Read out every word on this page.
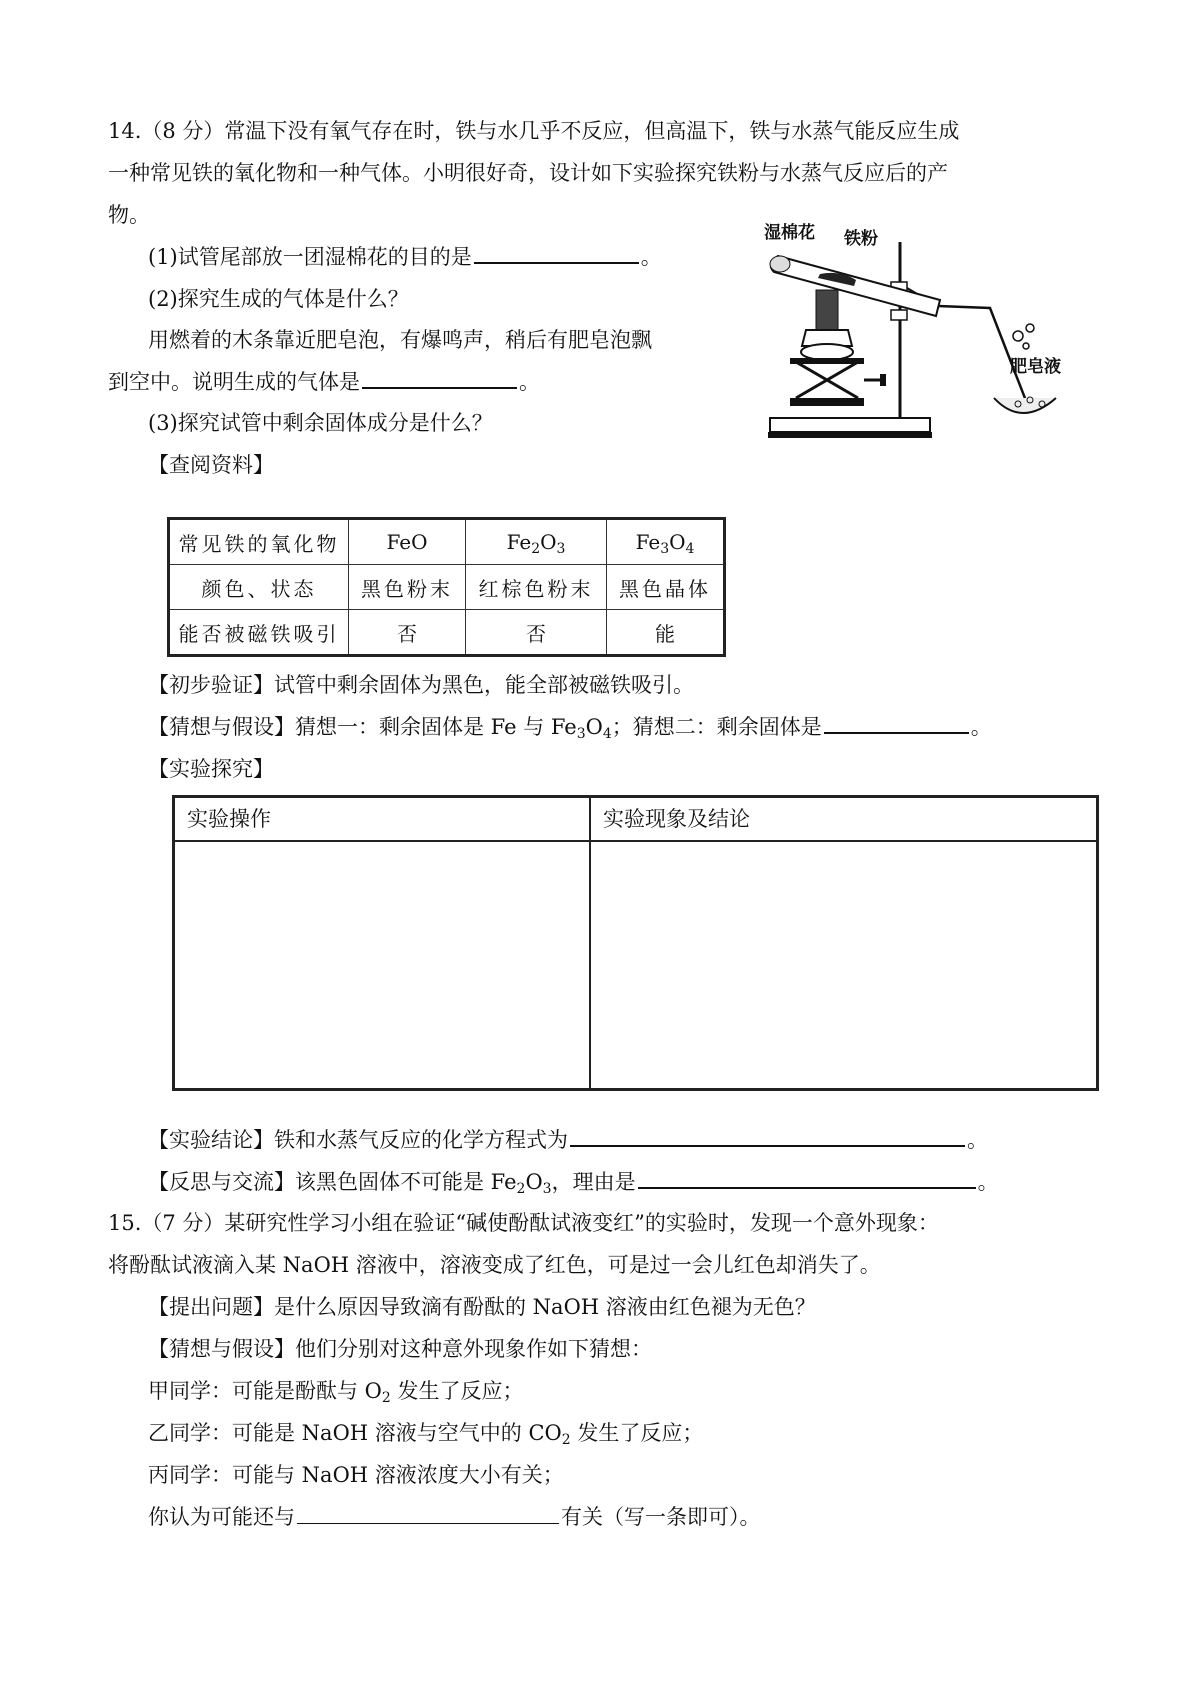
14.（8 分）常温下没有氧气存在时，铁与水几乎不反应，但高温下，铁与水蒸气能反应生成
一种常见铁的氧化物和一种气体。小明很好奇，设计如下实验探究铁粉与水蒸气反应后的产
物。
(1)试管尾部放一团湿棉花的目的是	。
(2)探究生成的气体是什么？
用燃着的木条靠近肥皂泡，有爆鸣声，稍后有肥皂泡飘
到空中。说明生成的气体是	。
(3)探究试管中剩余固体成分是什么？
【查阅资料】
湿棉花 铁粉
肥皂液
常见铁的氧化物	FeO	$Fe_2O_3$	$Fe_3O_4$
颜色、状态	黑色粉末	红棕色粉末	黑色晶体
能否被磁铁吸引	否	否	能
【初步验证】试管中剩余固体为黑色，能全部被磁铁吸引。
【猜想与假设】猜想一：剩余固体是 Fe 与 $Fe_3O_4$；猜想二：剩余固体是	。
【实验探究】
实验操作	实验现象及结论

【实验结论】铁和水蒸气反应的化学方程式为	。
【反思与交流】该黑色固体不可能是 $Fe_2O_3$，理由是	。
15.（7 分）某研究性学习小组在验证“碱使酚酞试液变红”的实验时，发现一个意外现象：
将酚酞试液滴入某 NaOH 溶液中，溶液变成了红色，可是过一会儿红色却消失了。
【提出问题】是什么原因导致滴有酚酞的 NaOH 溶液由红色褪为无色？
【猜想与假设】他们分别对这种意外现象作如下猜想：
甲同学：可能是酚酞与 $O_2$ 发生了反应；
乙同学：可能是 NaOH 溶液与空气中的 $CO_2$ 发生了反应；
丙同学：可能与 NaOH 溶液浓度大小有关；
你认为可能还与	有关（写一条即可）。
